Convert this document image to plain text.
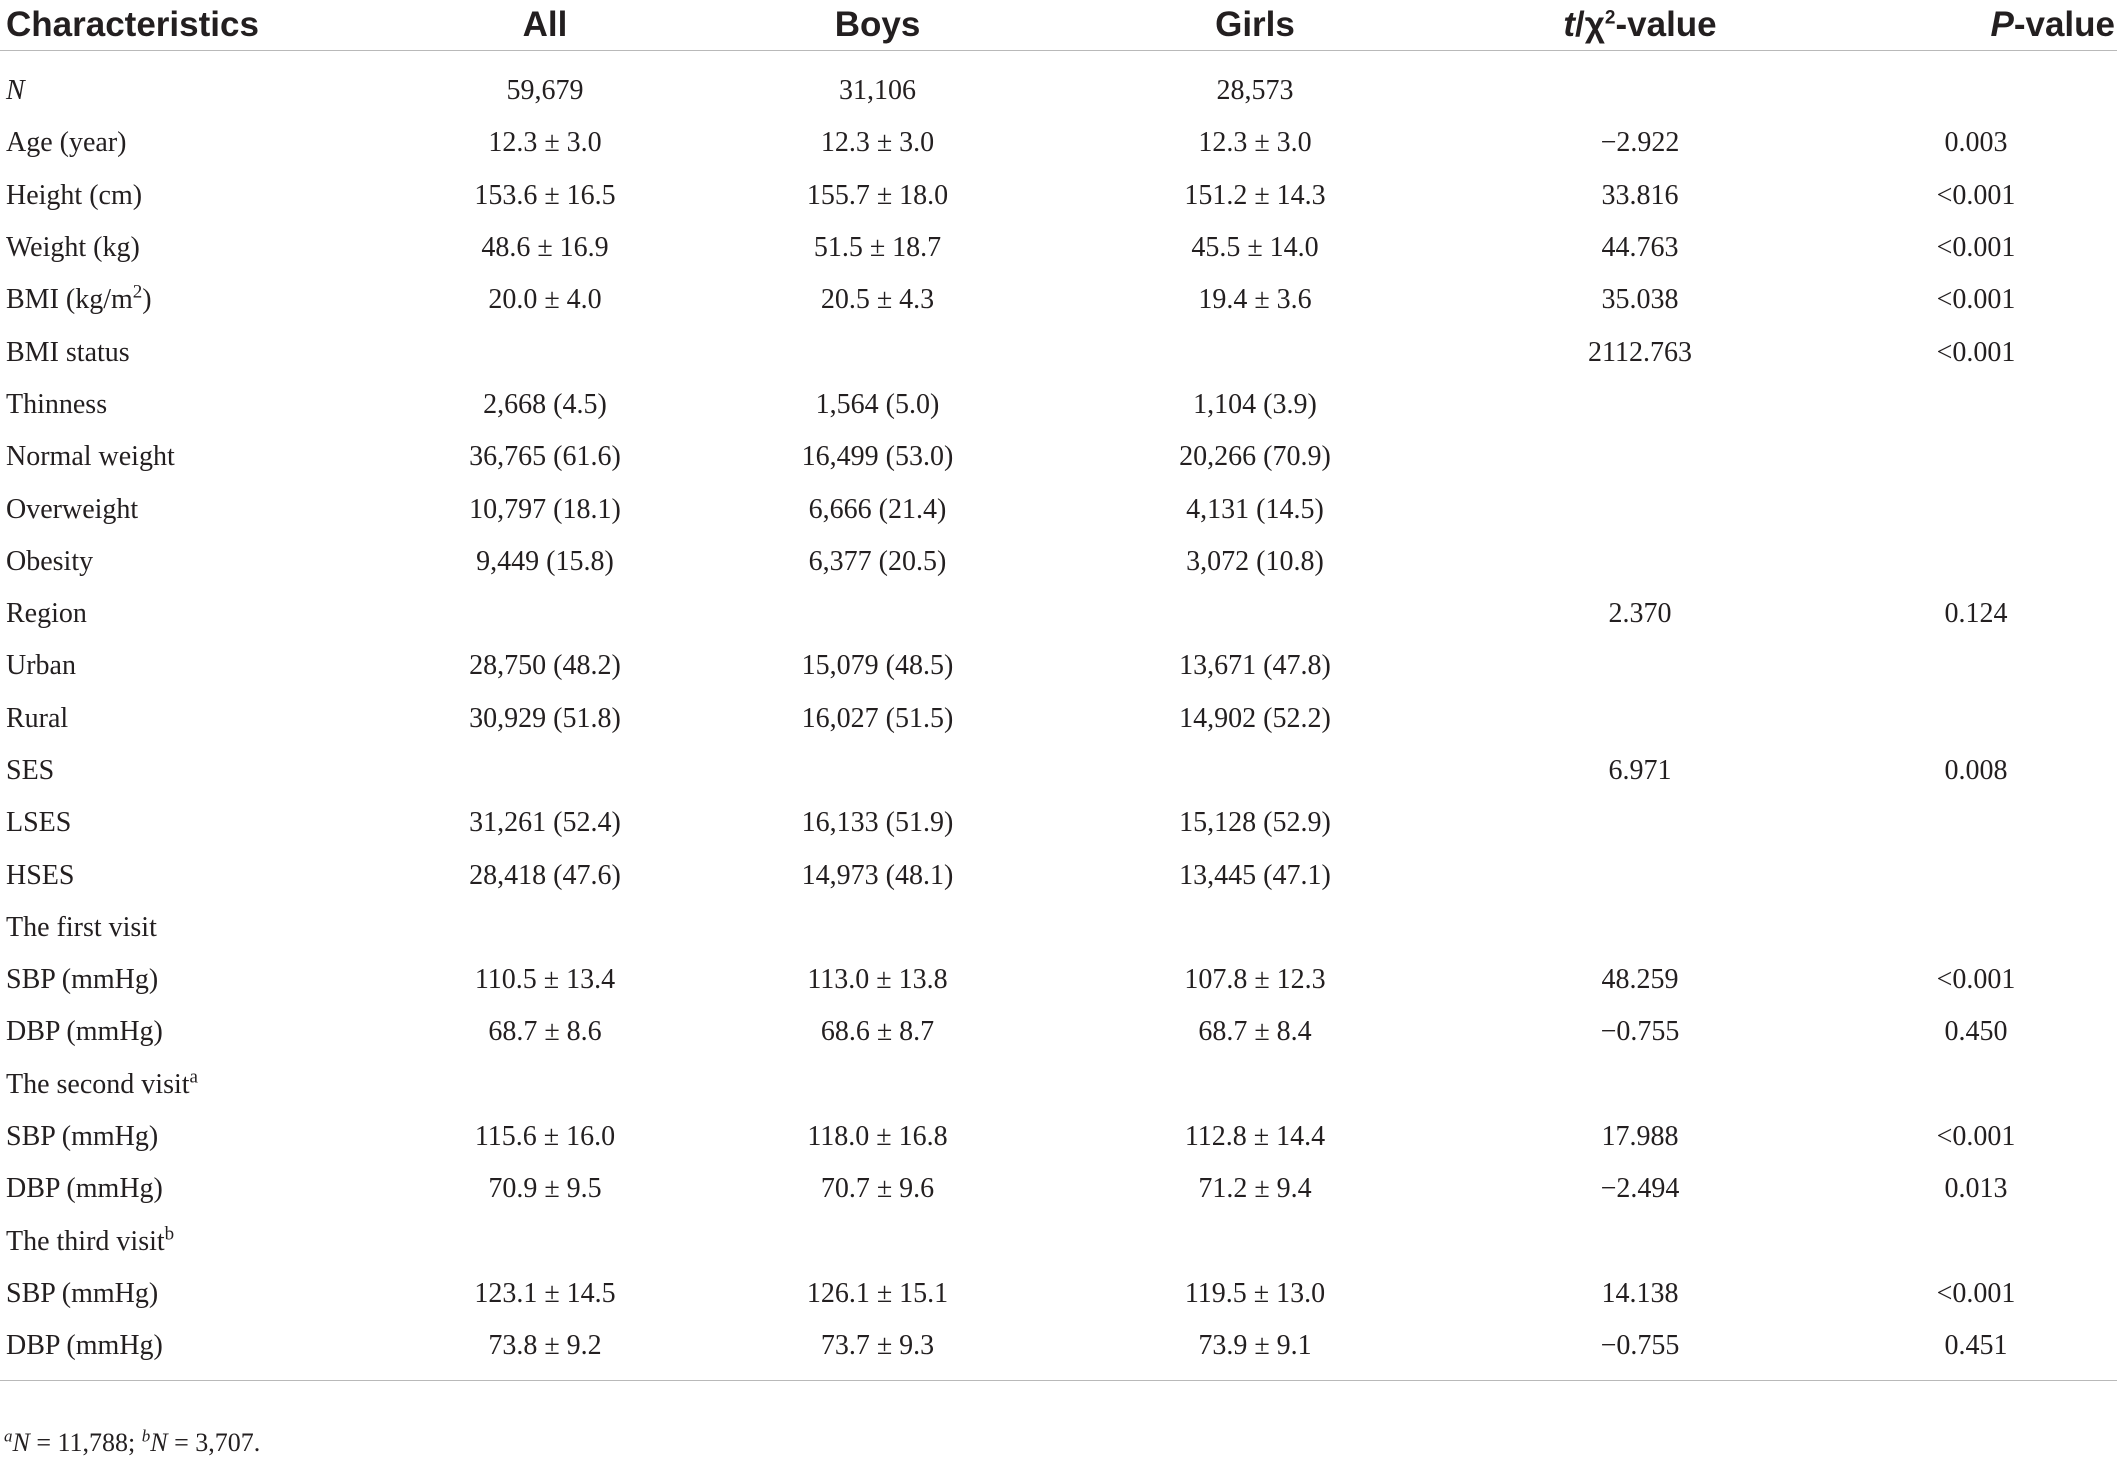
Characteristics	All	Boys	Girls	$t/\chi^2$-value	P-value

N	59,679	31,106	28,573		
Age (year)	12.3 ± 3.0	12.3 ± 3.0	12.3 ± 3.0	−2.922	0.003
Height (cm)	153.6 ± 16.5	155.7 ± 18.0	151.2 ± 14.3	33.816	<0.001
Weight (kg)	48.6 ± 16.9	51.5 ± 18.7	45.5 ± 14.0	44.763	<0.001
BMI $(kg/m^2)$	20.0 ± 4.0	20.5 ± 4.3	19.4 ± 3.6	35.038	<0.001
BMI status				2112.763	<0.001
Thinness	2,668 (4.5)	1,564 (5.0)	1,104 (3.9)		
Normal weight	36,765 (61.6)	16,499 (53.0)	20,266 (70.9)		
Overweight	10,797 (18.1)	6,666 (21.4)	4,131 (14.5)		
Obesity	9,449 (15.8)	6,377 (20.5)	3,072 (10.8)		
Region				2.370	0.124
Urban	28,750 (48.2)	15,079 (48.5)	13,671 (47.8)		
Rural	30,929 (51.8)	16,027 (51.5)	14,902 (52.2)		
SES				6.971	0.008
LSES	31,261 (52.4)	16,133 (51.9)	15,128 (52.9)		
HSES	28,418 (47.6)	14,973 (48.1)	13,445 (47.1)		
The first visit					
SBP (mmHg)	110.5 ± 13.4	113.0 ± 13.8	107.8 ± 12.3	48.259	<0.001
DBP (mmHg)	68.7 ± 8.6	68.6 ± 8.7	68.7 ± 8.4	−0.755	0.450
The second visit$^a$					
SBP (mmHg)	115.6 ± 16.0	118.0 ± 16.8	112.8 ± 14.4	17.988	<0.001
DBP (mmHg)	70.9 ± 9.5	70.7 ± 9.6	71.2 ± 9.4	−2.494	0.013
The third visit$^b$					
SBP (mmHg)	123.1 ± 14.5	126.1 ± 15.1	119.5 ± 13.0	14.138	<0.001
DBP (mmHg)	73.8 ± 9.2	73.7 ± 9.3	73.9 ± 9.1	−0.755	0.451

$^a$N = 11,788; $^b$N = 3,707.
